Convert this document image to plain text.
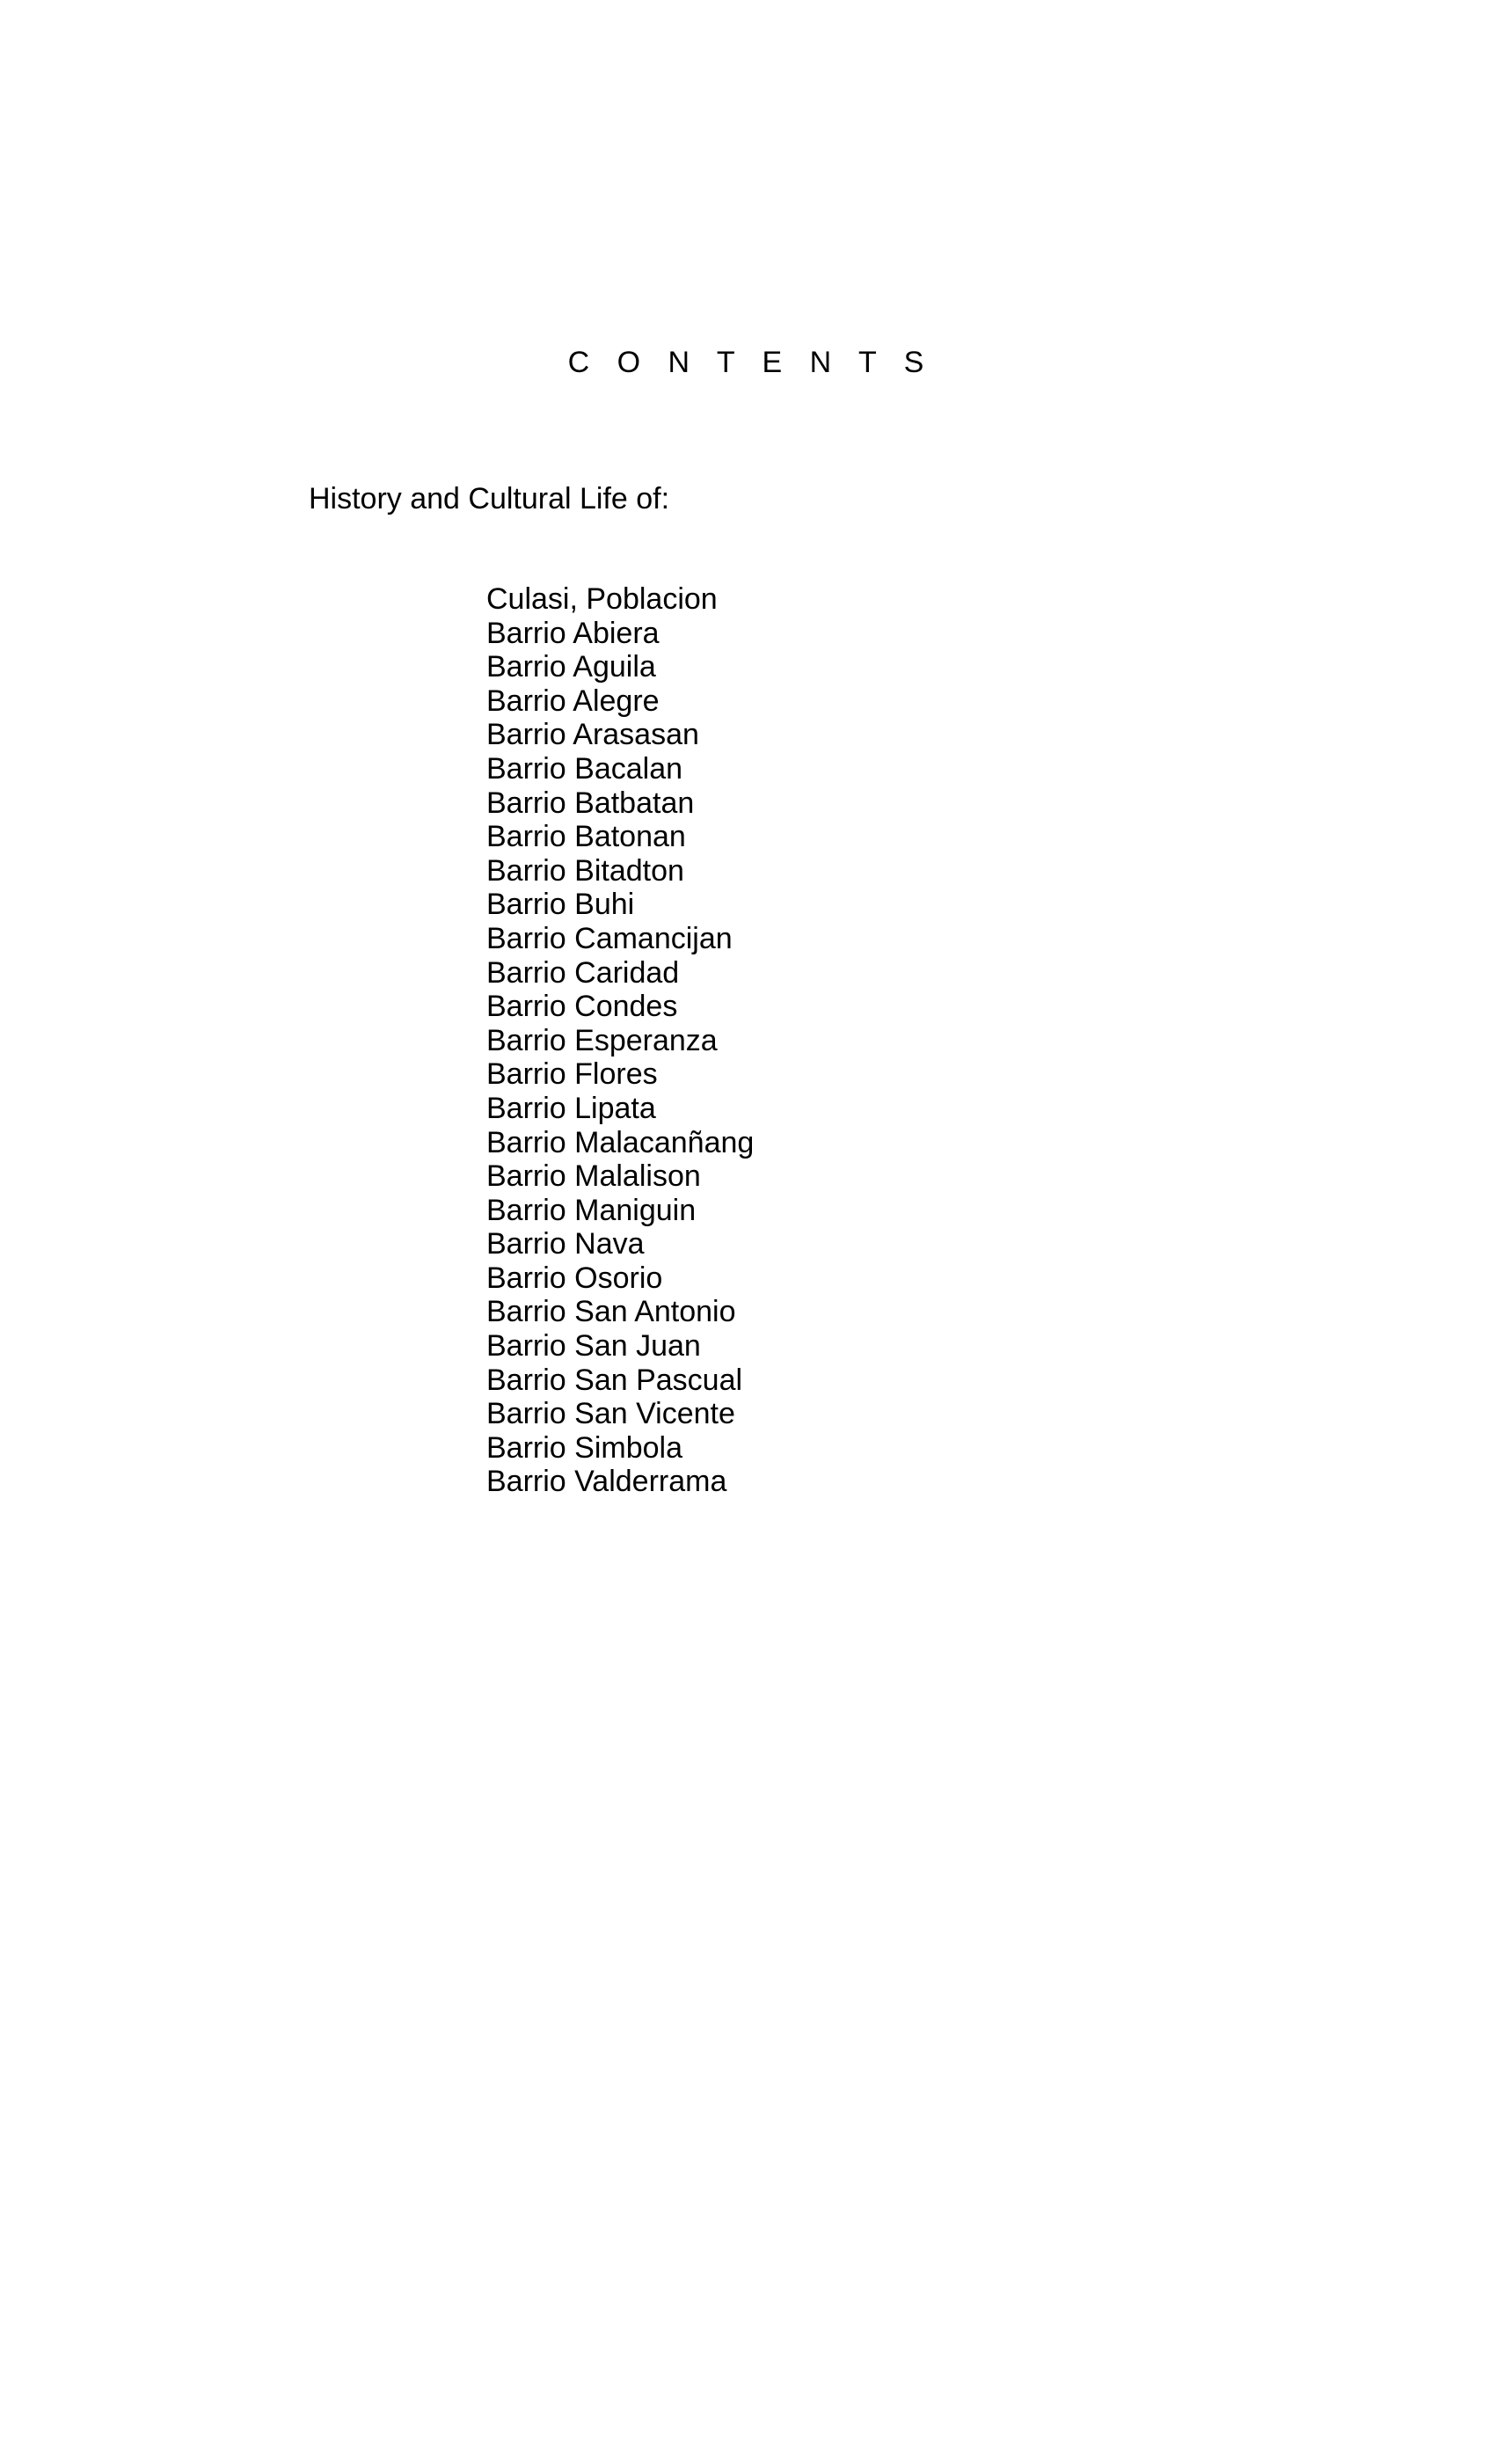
C O N T E N T S
History and Cultural Life of:
Culasi, Poblacion
Barrio Abiera
Barrio Aguila
Barrio Alegre
Barrio Arasasan
Barrio Bacalan
Barrio Batbatan
Barrio Batonan
Barrio Bitadton
Barrio Buhi
Barrio Camancijan
Barrio Caridad
Barrio Condes
Barrio Esperanza
Barrio Flores
Barrio Lipata
Barrio Malacanñang
Barrio Malalison
Barrio Maniguin
Barrio Nava
Barrio Osorio
Barrio San Antonio
Barrio San Juan
Barrio San Pascual
Barrio San Vicente
Barrio Simbola
Barrio Valderrama
